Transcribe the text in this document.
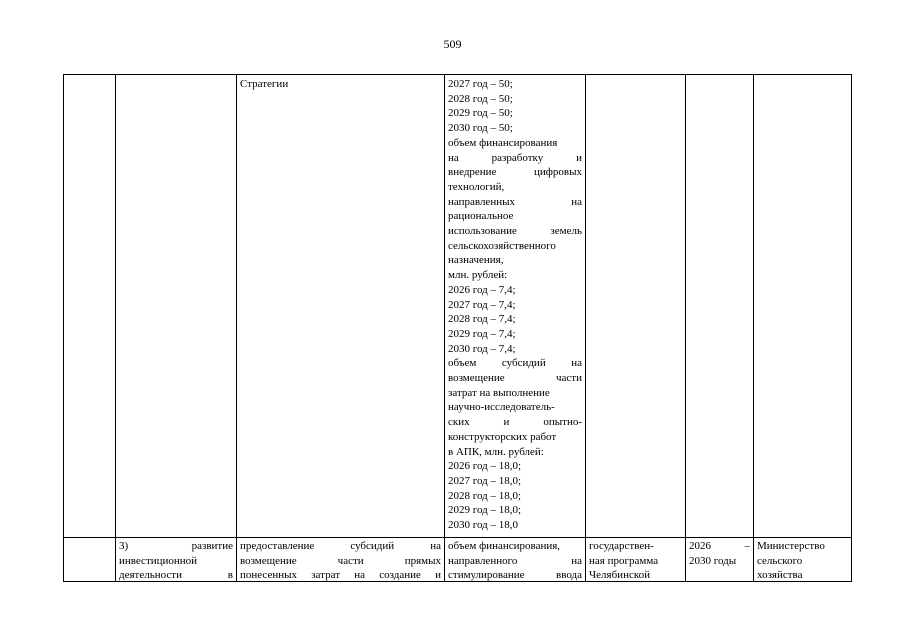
509
Стратегии	2027 год – 50;
2028 год – 50;
2029 год – 50;
2030 год – 50;
объем финансирования
на разработку и
внедрение цифровых
технологий,
направленных на
рациональное
использование земель
сельскохозяйственного
назначения,
млн. рублей:
2026 год – 7,4;
2027 год – 7,4;
2028 год – 7,4;
2029 год – 7,4;
2030 год – 7,4;
объем субсидий на
возмещение части
затрат на выполнение
научно-исследователь-
ских и опытно-
конструкторских работ
в АПК, млн. рублей:
2026 год – 18,0;
2027 год – 18,0;
2028 год – 18,0;
2029 год – 18,0;
2030 год – 18,0
3) развитие
инвестиционной
деятельности в
предоставление субсидий на
возмещение части прямых
понесенных затрат на создание и
объем финансирования,
направленного на
стимулирование ввода
государствен-
ная программа
Челябинской
2026 –
2030 годы
Министерство
сельского
хозяйства
